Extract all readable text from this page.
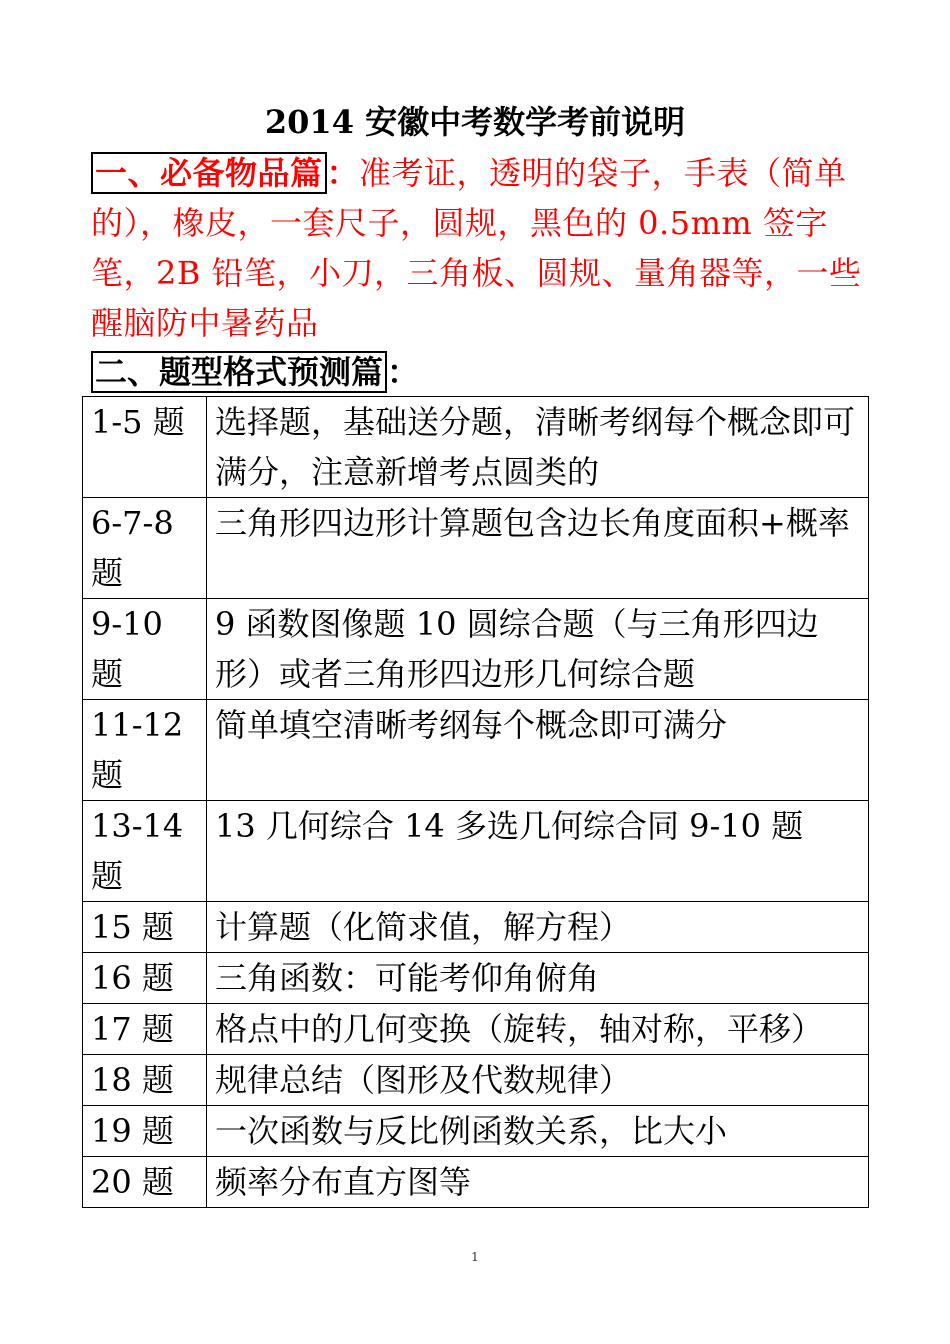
2014 安徽中考数学考前说明
一、必备物品篇 ：准考证，透明的袋子，手表（简单的），橡皮，一套尺子，圆规，黑色的 0.5mm 签字笔，2B 铅笔，小刀，三角板、圆规、量角器等，一些醒脑防中暑药品
二、题型格式预测篇 ：
1-5 题	选择题，基础送分题，清晰考纲每个概念即可满分，注意新增考点圆类的
6-7-8 题	三角形四边形计算题包含边长角度面积+概率
9-10 题	9 函数图像题 10 圆综合题（与三角形四边形）或者三角形四边形几何综合题
11-12 题	简单填空清晰考纲每个概念即可满分
13-14 题	13 几何综合 14 多选几何综合同 9-10 题
15 题	计算题（化简求值，解方程）
16 题	三角函数：可能考仰角俯角
17 题	格点中的几何变换（旋转，轴对称，平移）
18 题	规律总结（图形及代数规律）
19 题	一次函数与反比例函数关系，比大小
20 题	频率分布直方图等
1
